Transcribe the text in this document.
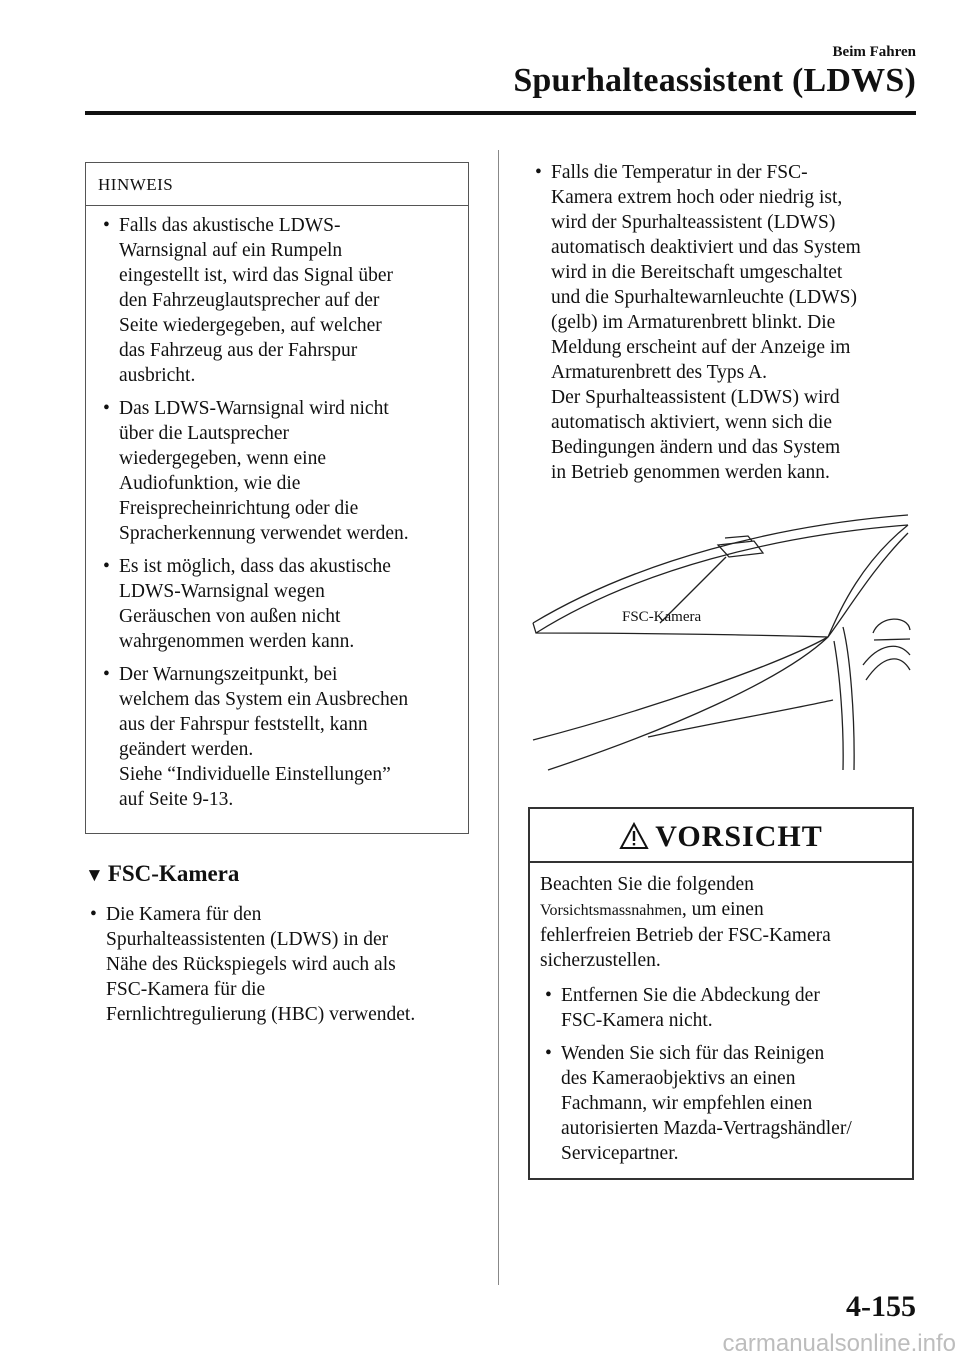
Beim Fahren
Spurhalteassistent (LDWS)
HINWEIS
• Falls das akustische LDWS-
Warnsignal auf ein Rumpeln
eingestellt ist, wird das Signal über
den Fahrzeuglautsprecher auf der
Seite wiedergegeben, auf welcher
das Fahrzeug aus der Fahrspur
ausbricht.
• Das LDWS-Warnsignal wird nicht
über die Lautsprecher
wiedergegeben, wenn eine
Audiofunktion, wie die
Freisprecheinrichtung oder die
Spracherkennung verwendet werden.
• Es ist möglich, dass das akustische
LDWS-Warnsignal wegen
Geräuschen von außen nicht
wahrgenommen werden kann.
• Der Warnungszeitpunkt, bei
welchem das System ein Ausbrechen
aus der Fahrspur feststellt, kann
geändert werden.
Siehe “Individuelle Einstellungen”
auf Seite 9-13.
▼ FSC-Kamera
• Die Kamera für den
Spurhalteassistenten (LDWS) in der
Nähe des Rückspiegels wird auch als
FSC-Kamera für die
Fernlichtregulierung (HBC) verwendet.
• Falls die Temperatur in der FSC-
Kamera extrem hoch oder niedrig ist,
wird der Spurhalteassistent (LDWS)
automatisch deaktiviert und das System
wird in die Bereitschaft umgeschaltet
und die Spurhaltewarnleuchte (LDWS)
(gelb) im Armaturenbrett blinkt. Die
Meldung erscheint auf der Anzeige im
Armaturenbrett des Typs A.
Der Spurhalteassistent (LDWS) wird
automatisch aktiviert, wenn sich die
Bedingungen ändern und das System
in Betrieb genommen werden kann.
FSC-Kamera
VORSICHT
Beachten Sie die folgenden
Vorsichtsmassnahmen, um einen
fehlerfreien Betrieb der FSC-Kamera
sicherzustellen.
• Entfernen Sie die Abdeckung der
FSC-Kamera nicht.
• Wenden Sie sich für das Reinigen
des Kameraobjektivs an einen
Fachmann, wir empfehlen einen
autorisierten Mazda-Vertragshändler/
Servicepartner.
4-155
carmanualsonline.info
